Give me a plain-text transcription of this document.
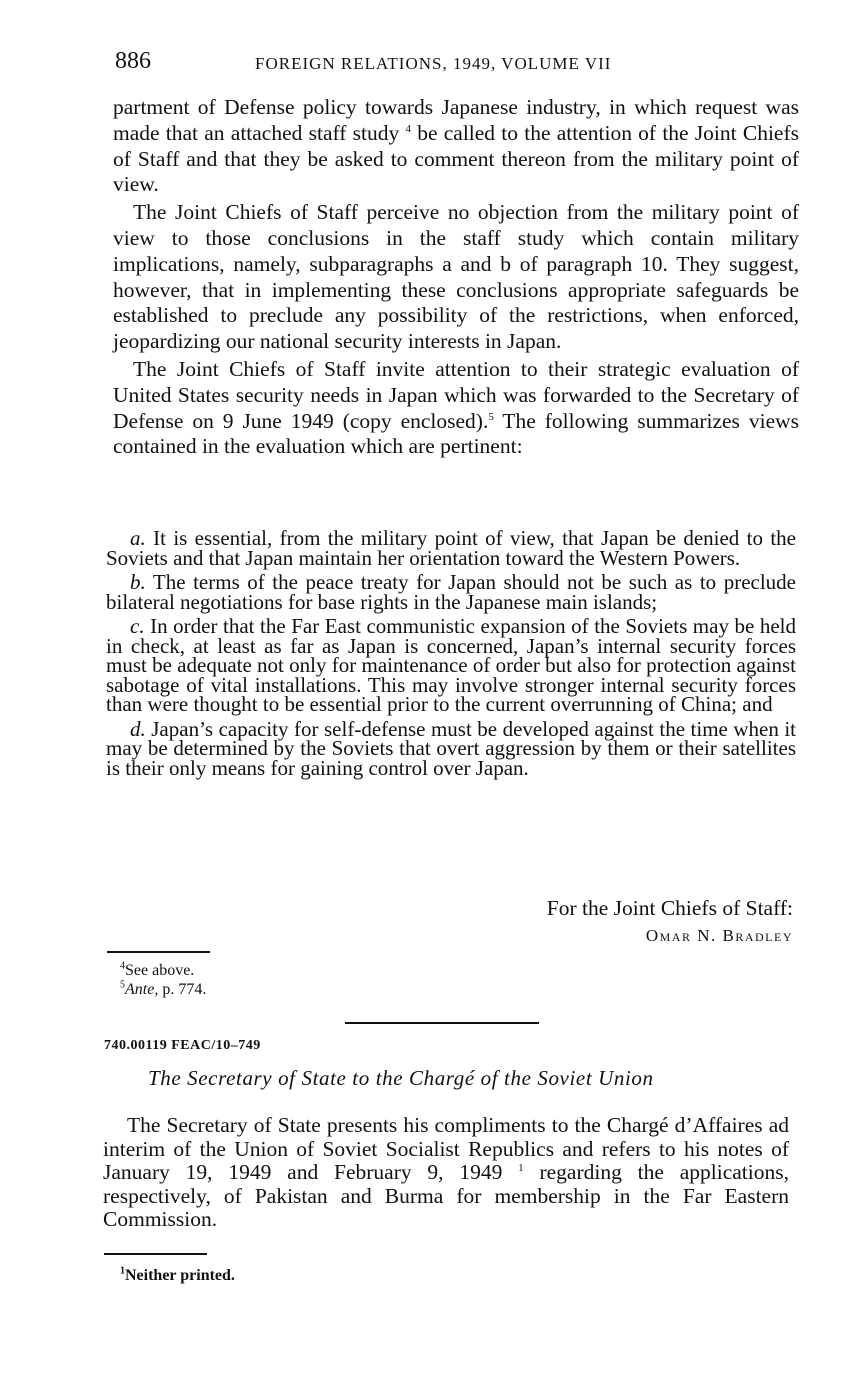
886	FOREIGN RELATIONS, 1949, VOLUME VII

partment of Defense policy towards Japanese industry, in which request was made that an attached staff study $^4$ be called to the attention of the Joint Chiefs of Staff and that they be asked to comment thereon from the military point of view.

The Joint Chiefs of Staff perceive no objection from the military point of view to those conclusions in the staff study which contain military implications, namely, subparagraphs a and b of paragraph 10. They suggest, however, that in implementing these conclusions appropriate safeguards be established to preclude any possibility of the restrictions, when enforced, jeopardizing our national security interests in Japan.

The Joint Chiefs of Staff invite attention to their strategic evaluation of United States security needs in Japan which was forwarded to the Secretary of Defense on 9 June 1949 (copy enclosed).$^5$ The following summarizes views contained in the evaluation which are pertinent:

a. It is essential, from the military point of view, that Japan be denied to the Soviets and that Japan maintain her orientation toward the Western Powers.

b. The terms of the peace treaty for Japan should not be such as to preclude bilateral negotiations for base rights in the Japanese main islands;

c. In order that the Far East communistic expansion of the Soviets may be held in check, at least as far as Japan is concerned, Japan’s internal security forces must be adequate not only for maintenance of order but also for protection against sabotage of vital installations. This may involve stronger internal security forces than were thought to be essential prior to the current overrunning of China; and

d. Japan’s capacity for self-defense must be developed against the time when it may be determined by the Soviets that overt aggression by them or their satellites is their only means for gaining control over Japan.

For the Joint Chiefs of Staff:
Omar N. Bradley
$^4$See above.
$^5$Ante, p. 774.
740.00119 FEAC/10–749
The Secretary of State to the Chargé of the Soviet Union

The Secretary of State presents his compliments to the Chargé d’Affaires ad interim of the Union of Soviet Socialist Republics and refers to his notes of January 19, 1949 and February 9, 1949 $^1$ regarding the applications, respectively, of Pakistan and Burma for membership in the Far Eastern Commission.

$^1$Neither printed.
